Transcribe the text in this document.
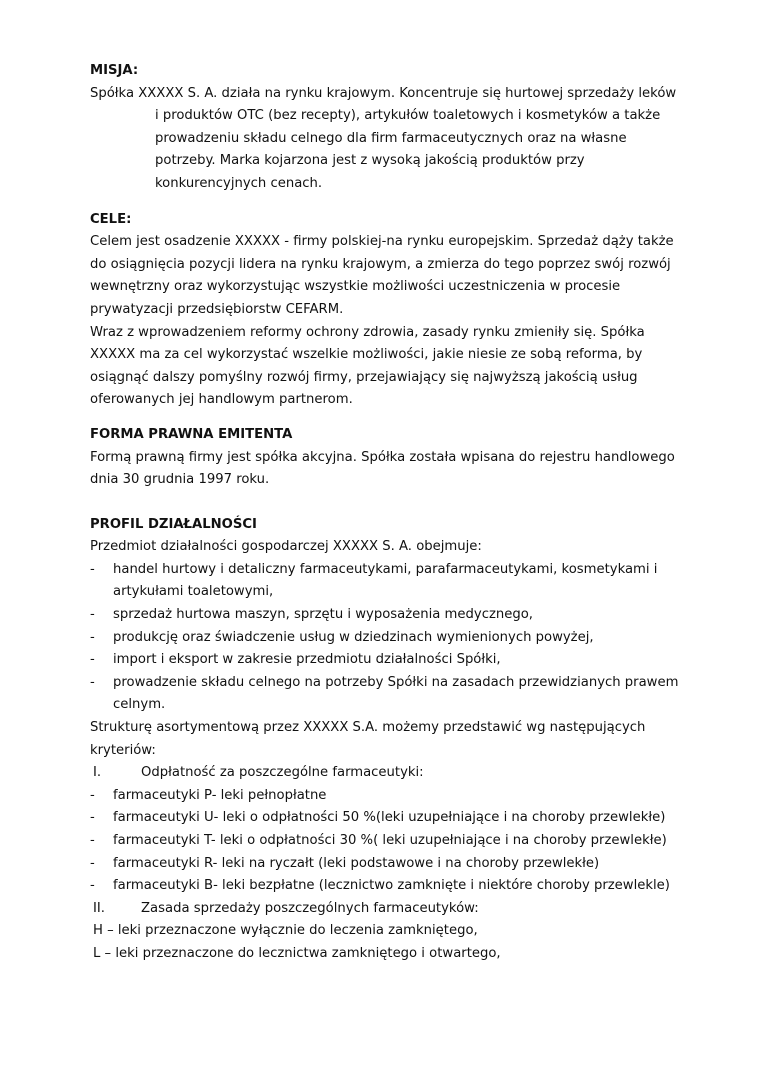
MISJA:

Spółka XXXXX S. A. działa na rynku krajowym. Koncentruje się hurtowej sprzedaży leków i produktów OTC (bez recepty), artykułów toaletowych i kosmetyków a także prowadzeniu składu celnego dla firm farmaceutycznych oraz na własne potrzeby. Marka kojarzona jest z wysoką jakością produktów przy konkurencyjnych cenach.

CELE:

Celem jest osadzenie XXXXX - firmy polskiej-na rynku europejskim. Sprzedaż dąży także do osiągnięcia pozycji lidera na rynku krajowym, a zmierza do tego poprzez swój rozwój wewnętrzny oraz wykorzystując wszystkie możliwości uczestniczenia w procesie prywatyzacji przedsiębiorstw CEFARM.

Wraz z wprowadzeniem reformy ochrony zdrowia, zasady rynku zmieniły się. Spółka XXXXX ma za cel wykorzystać wszelkie możliwości, jakie niesie ze sobą reforma, by osiągnąć dalszy pomyślny rozwój firmy, przejawiający się najwyższą jakością usług oferowanych jej handlowym partnerom.

FORMA PRAWNA EMITENTA

Formą prawną firmy jest spółka akcyjna. Spółka została wpisana do rejestru handlowego dnia 30 grudnia 1997 roku.

PROFIL DZIAŁALNOŚCI

Przedmiot działalności gospodarczej XXXXX S. A. obejmuje:

- handel hurtowy i detaliczny farmaceutykami, parafarmaceutykami, kosmetykami i artykułami toaletowymi,
- sprzedaż hurtowa maszyn, sprzętu i wyposażenia medycznego,
- produkcję oraz świadczenie usług w dziedzinach wymienionych powyżej,
- import i eksport w zakresie przedmiotu działalności Spółki,
- prowadzenie składu celnego na potrzeby Spółki na zasadach przewidzianych prawem celnym.

Strukturę asortymentową przez XXXXX S.A. możemy przedstawić wg następujących kryteriów:

I.	Odpłatność za poszczególne farmaceutyki:
- farmaceutyki P- leki pełnopłatne
- farmaceutyki U- leki o odpłatności 50 %(leki uzupełniające i na choroby przewlekłe)
- farmaceutyki T- leki o odpłatności 30 %( leki uzupełniające i na choroby przewlekłe)
- farmaceutyki R- leki na ryczałt (leki podstawowe i na choroby przewlekłe)
- farmaceutyki B- leki bezpłatne (lecznictwo zamknięte i niektóre choroby przewlekle)
II.	Zasada sprzedaży poszczególnych farmaceutyków:

H – leki przeznaczone wyłącznie do leczenia zamkniętego,

L – leki przeznaczone do lecznictwa zamkniętego i otwartego,
